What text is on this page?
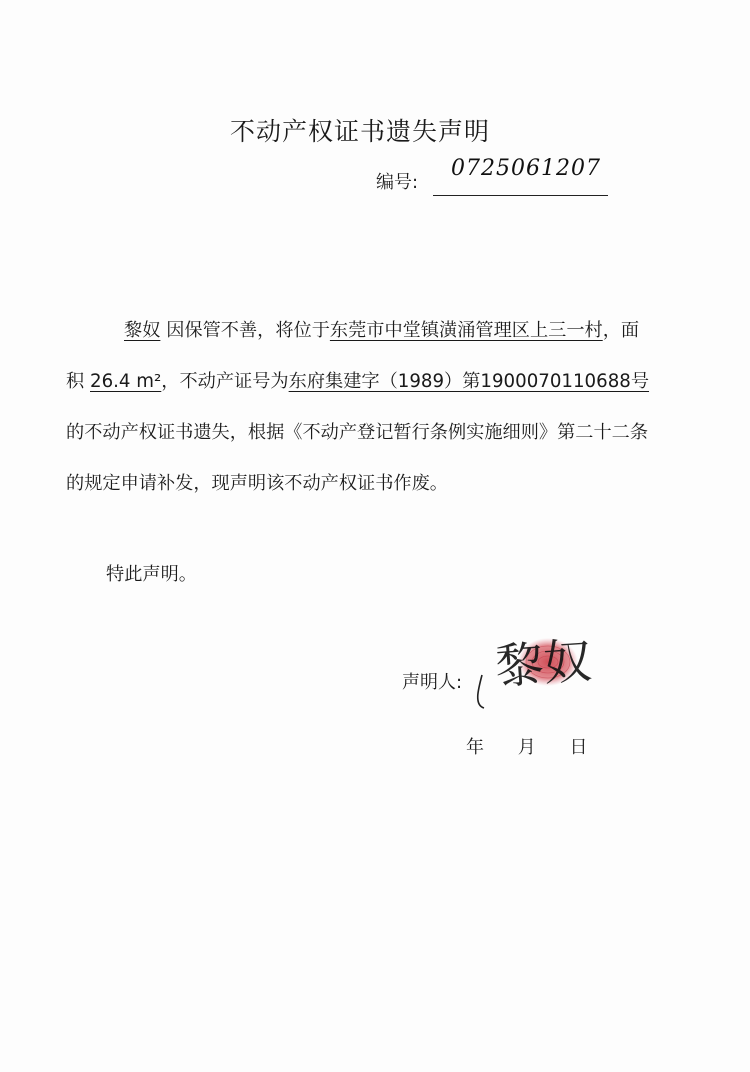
不动产权证书遗失声明
编号:
0725061207
黎奴 因保管不善，将位于东莞市中堂镇潢涌管理区上三一村，面积 26.4 m²，不动产证号为东府集建字（1989）第1900070110688号的不动产权证书遗失，根据《不动产登记暂行条例实施细则》第二十二条的规定申请补发，现声明该不动产权证书作废。
特此声明。
声明人: 黎奴
年 月 日
